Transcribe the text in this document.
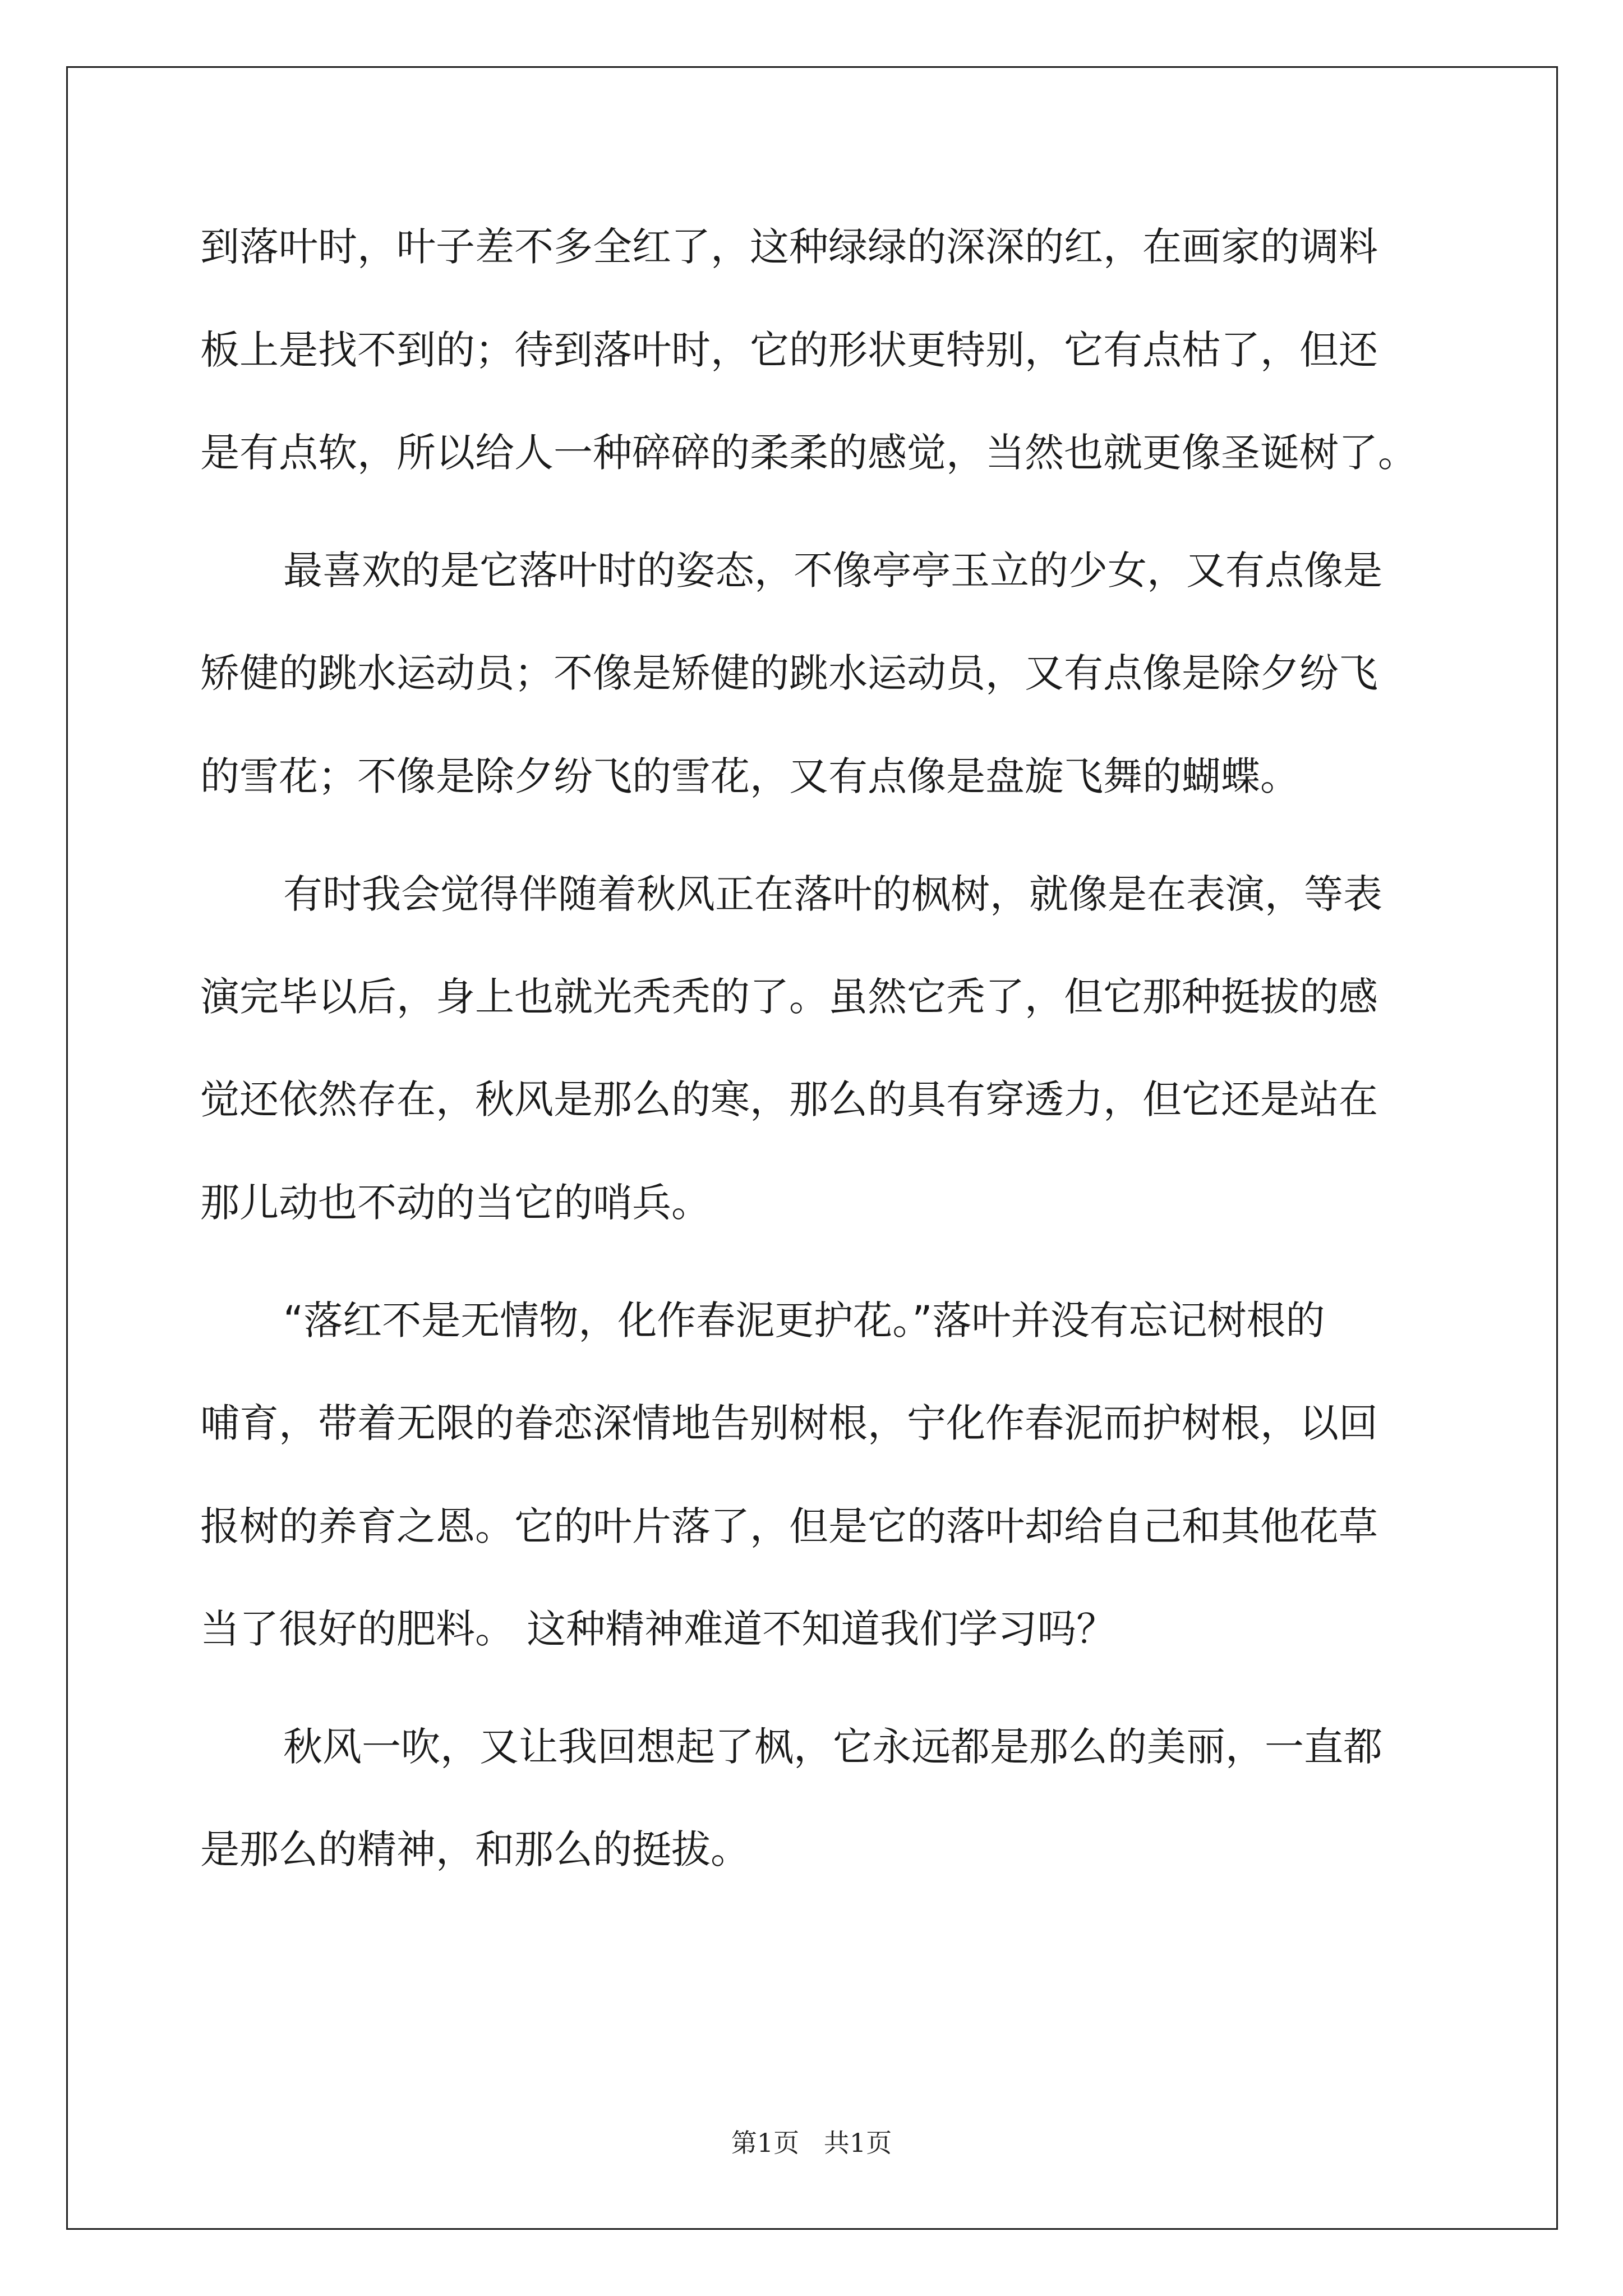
到落叶时，叶子差不多全红了，这种绿绿的深深的红，在画家的调料

板上是找不到的；待到落叶时，它的形状更特别，它有点枯了，但还

是有点软，所以给人一种碎碎的柔柔的感觉，当然也就更像圣诞树了。

最喜欢的是它落叶时的姿态，不像亭亭玉立的少女，又有点像是

矫健的跳水运动员；不像是矫健的跳水运动员，又有点像是除夕纷飞

的雪花；不像是除夕纷飞的雪花，又有点像是盘旋飞舞的蝴蝶。

有时我会觉得伴随着秋风正在落叶的枫树，就像是在表演，等表

演完毕以后，身上也就光秃秃的了。虽然它秃了，但它那种挺拔的感

觉还依然存在，秋风是那么的寒，那么的具有穿透力，但它还是站在

那儿动也不动的当它的哨兵。

“落红不是无情物，化作春泥更护花。”落叶并没有忘记树根的

哺育，带着无限的眷恋深情地告别树根，宁化作春泥而护树根，以回

报树的养育之恩。它的叶片落了，但是它的落叶却给自己和其他花草

当了很好的肥料。 这种精神难道不知道我们学习吗？

秋风一吹，又让我回想起了枫，它永远都是那么的美丽，一直都

是那么的精神，和那么的挺拔。

第1页   共1页
